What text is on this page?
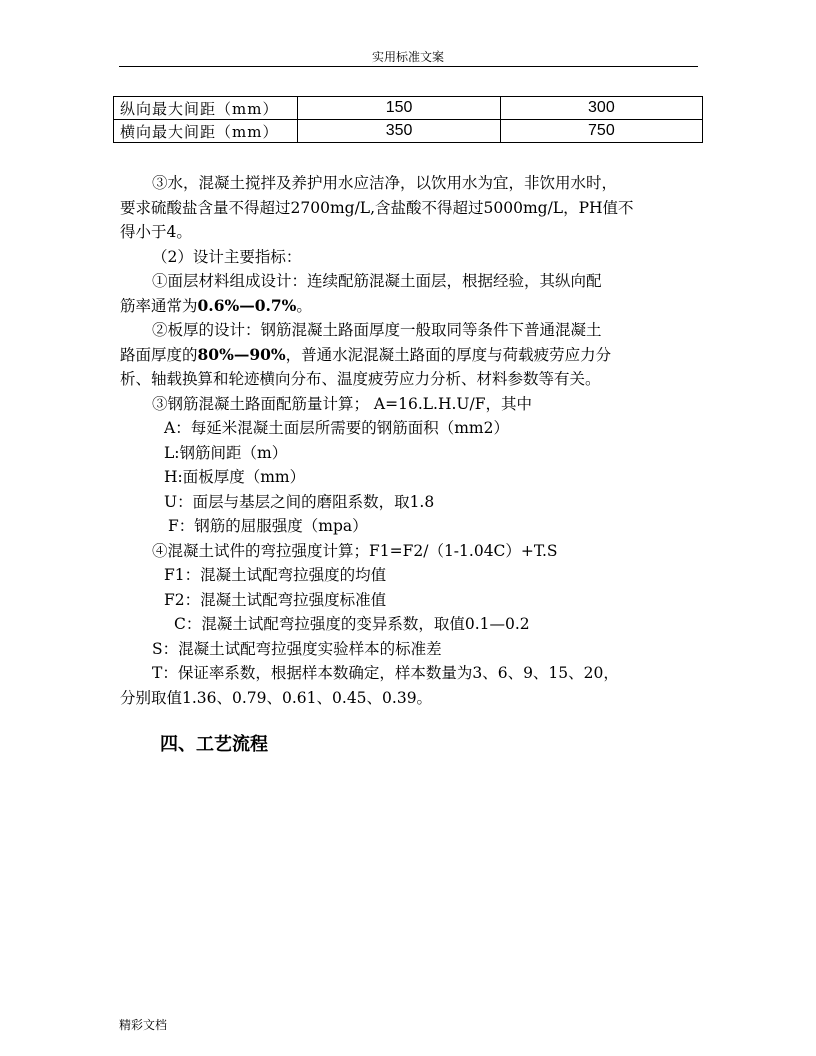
实用标准文案
纵向最大间距（mm）	150	300
横向最大间距（mm）	350	750

③水，混凝土搅拌及养护用水应洁净，以饮用水为宜，非饮用水时，

要求硫酸盐含量不得超过2700mg/L,含盐酸不得超过5000mg/L，PH值不

得小于4。

（2）设计主要指标：

①面层材料组成设计：连续配筋混凝土面层，根据经验，其纵向配

筋率通常为0.6%—0.7%。

②板厚的设计：钢筋混凝土路面厚度一般取同等条件下普通混凝土

路面厚度的80%—90%，普通水泥混凝土路面的厚度与荷载疲劳应力分

析、轴载换算和轮迹横向分布、温度疲劳应力分析、材料参数等有关。

③钢筋混凝土路面配筋量计算； A=16.L.H.U/F，其中

A：每延米混凝土面层所需要的钢筋面积（mm2）

L:钢筋间距（m）

H:面板厚度（mm）

U：面层与基层之间的磨阻系数，取1.8

F：钢筋的屈服强度（mpa）

④混凝土试件的弯拉强度计算；F1=F2/（1-1.04C）+T.S

F1：混凝土试配弯拉强度的均值

F2：混凝土试配弯拉强度标准值

C：混凝土试配弯拉强度的变异系数，取值0.1—0.2

S：混凝土试配弯拉强度实验样本的标准差

T：保证率系数，根据样本数确定，样本数量为3、6、9、15、20，

分别取值1.36、0.79、0.61、0.45、0.39。

四、工艺流程
精彩文档
